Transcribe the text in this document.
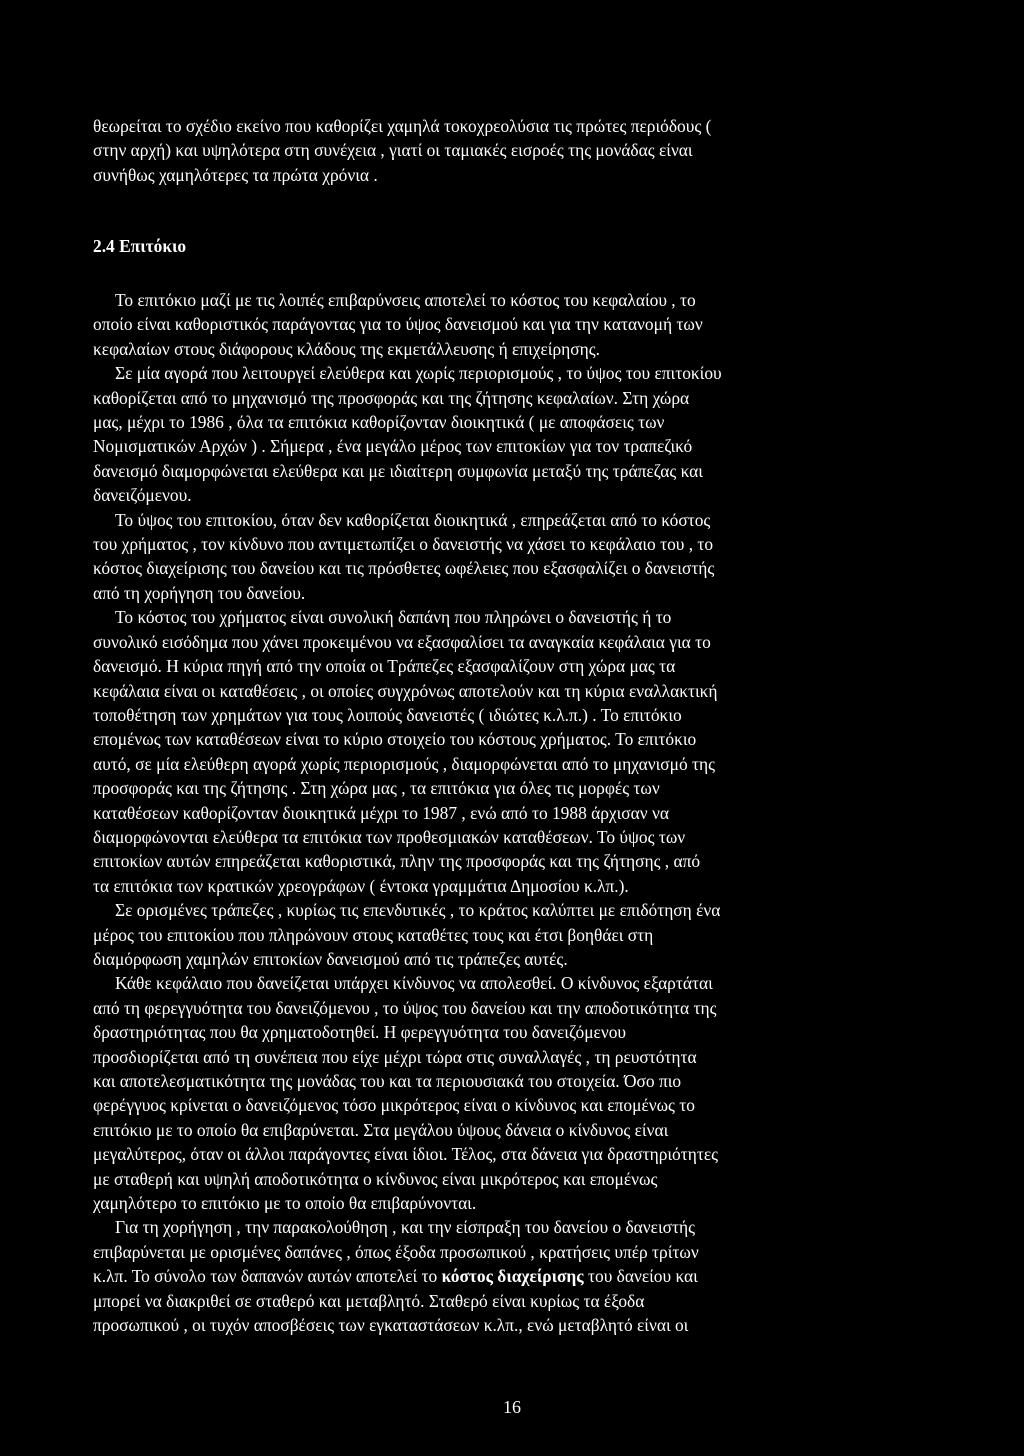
θεωρείται το σχέδιο εκείνο που καθορίζει χαμηλά τοκοχρεολύσια τις πρώτες περιόδους (
στην αρχή) και υψηλότερα στη συνέχεια , γιατί οι ταμιακές εισροές της μονάδας είναι
συνήθως χαμηλότερες τα πρώτα χρόνια .
2.4 Επιτόκιο
Το επιτόκιο μαζί με τις λοιπές επιβαρύνσεις αποτελεί το κόστος του κεφαλαίου , το
οποίο είναι καθοριστικός παράγοντας για το ύψος δανεισμού και για την κατανομή των
κεφαλαίων στους διάφορους κλάδους της εκμετάλλευσης ή επιχείρησης.
Σε μία αγορά που λειτουργεί ελεύθερα και χωρίς περιορισμούς , το ύψος του επιτοκίου
καθορίζεται από το μηχανισμό της προσφοράς και της ζήτησης κεφαλαίων. Στη χώρα
μας, μέχρι το 1986 , όλα τα επιτόκια καθορίζονταν διοικητικά ( με αποφάσεις των
Νομισματικών Αρχών ) . Σήμερα , ένα μεγάλο μέρος των επιτοκίων για τον τραπεζικό
δανεισμό διαμορφώνεται ελεύθερα και με ιδιαίτερη συμφωνία μεταξύ της τράπεζας και
δανειζόμενου.
Το ύψος του επιτοκίου, όταν δεν καθορίζεται διοικητικά , επηρεάζεται από το κόστος
του χρήματος , τον κίνδυνο που αντιμετωπίζει ο δανειστής να χάσει το κεφάλαιο του , το
κόστος διαχείρισης του δανείου και τις πρόσθετες ωφέλειες που εξασφαλίζει ο δανειστής
από τη χορήγηση του δανείου.
Το κόστος του χρήματος είναι συνολική δαπάνη που πληρώνει ο δανειστής ή το
συνολικό εισόδημα που χάνει προκειμένου να εξασφαλίσει τα αναγκαία κεφάλαια για το
δανεισμό. Η κύρια πηγή από την οποία οι Τράπεζες εξασφαλίζουν στη χώρα μας τα
κεφάλαια είναι οι καταθέσεις , οι οποίες συγχρόνως αποτελούν και τη κύρια εναλλακτική
τοποθέτηση των χρημάτων για τους λοιπούς δανειστές ( ιδιώτες κ.λ.π.) . Το επιτόκιο
επομένως των καταθέσεων είναι το κύριο στοιχείο του κόστους χρήματος. Το επιτόκιο
αυτό, σε μία ελεύθερη αγορά χωρίς περιορισμούς , διαμορφώνεται από το μηχανισμό της
προσφοράς και της ζήτησης . Στη χώρα μας , τα επιτόκια για όλες τις μορφές των
καταθέσεων καθορίζονταν διοικητικά μέχρι το 1987 , ενώ από το 1988 άρχισαν να
διαμορφώνονται ελεύθερα τα επιτόκια των προθεσμιακών καταθέσεων. Το ύψος των
επιτοκίων αυτών επηρεάζεται καθοριστικά, πλην της προσφοράς και της ζήτησης , από
τα επιτόκια των κρατικών χρεογράφων ( έντοκα γραμμάτια Δημοσίου κ.λπ.).
Σε ορισμένες τράπεζες , κυρίως τις επενδυτικές , το κράτος καλύπτει με επιδότηση ένα
μέρος του επιτοκίου που πληρώνουν στους καταθέτες τους και έτσι βοηθάει στη
διαμόρφωση χαμηλών επιτοκίων δανεισμού από τις τράπεζες αυτές.
Κάθε κεφάλαιο που δανείζεται υπάρχει κίνδυνος να απολεσθεί. Ο κίνδυνος εξαρτάται
από τη φερεγγυότητα του δανειζόμενου , το ύψος του δανείου και την αποδοτικότητα της
δραστηριότητας που θα χρηματοδοτηθεί. Η φερεγγυότητα του δανειζόμενου
προσδιορίζεται από τη συνέπεια που είχε μέχρι τώρα στις συναλλαγές , τη ρευστότητα
και αποτελεσματικότητα της μονάδας του και τα περιουσιακά του στοιχεία. Όσο πιο
φερέγγυος κρίνεται ο δανειζόμενος τόσο μικρότερος είναι ο κίνδυνος και επομένως το
επιτόκιο με το οποίο θα επιβαρύνεται. Στα μεγάλου ύψους δάνεια ο κίνδυνος είναι
μεγαλύτερος, όταν οι άλλοι παράγοντες είναι ίδιοι. Τέλος, στα δάνεια για δραστηριότητες
με σταθερή και υψηλή αποδοτικότητα ο κίνδυνος είναι μικρότερος και επομένως
χαμηλότερο το επιτόκιο με το οποίο θα επιβαρύνονται.
Για τη χορήγηση , την παρακολούθηση , και την είσπραξη του δανείου ο δανειστής
επιβαρύνεται με ορισμένες δαπάνες , όπως έξοδα προσωπικού , κρατήσεις υπέρ τρίτων
κ.λπ. Το σύνολο των δαπανών αυτών αποτελεί το κόστος διαχείρισης του δανείου και
μπορεί να διακριθεί σε σταθερό και μεταβλητό. Σταθερό είναι κυρίως τα έξοδα
προσωπικού , οι τυχόν αποσβέσεις των εγκαταστάσεων κ.λπ., ενώ μεταβλητό είναι οι
16
